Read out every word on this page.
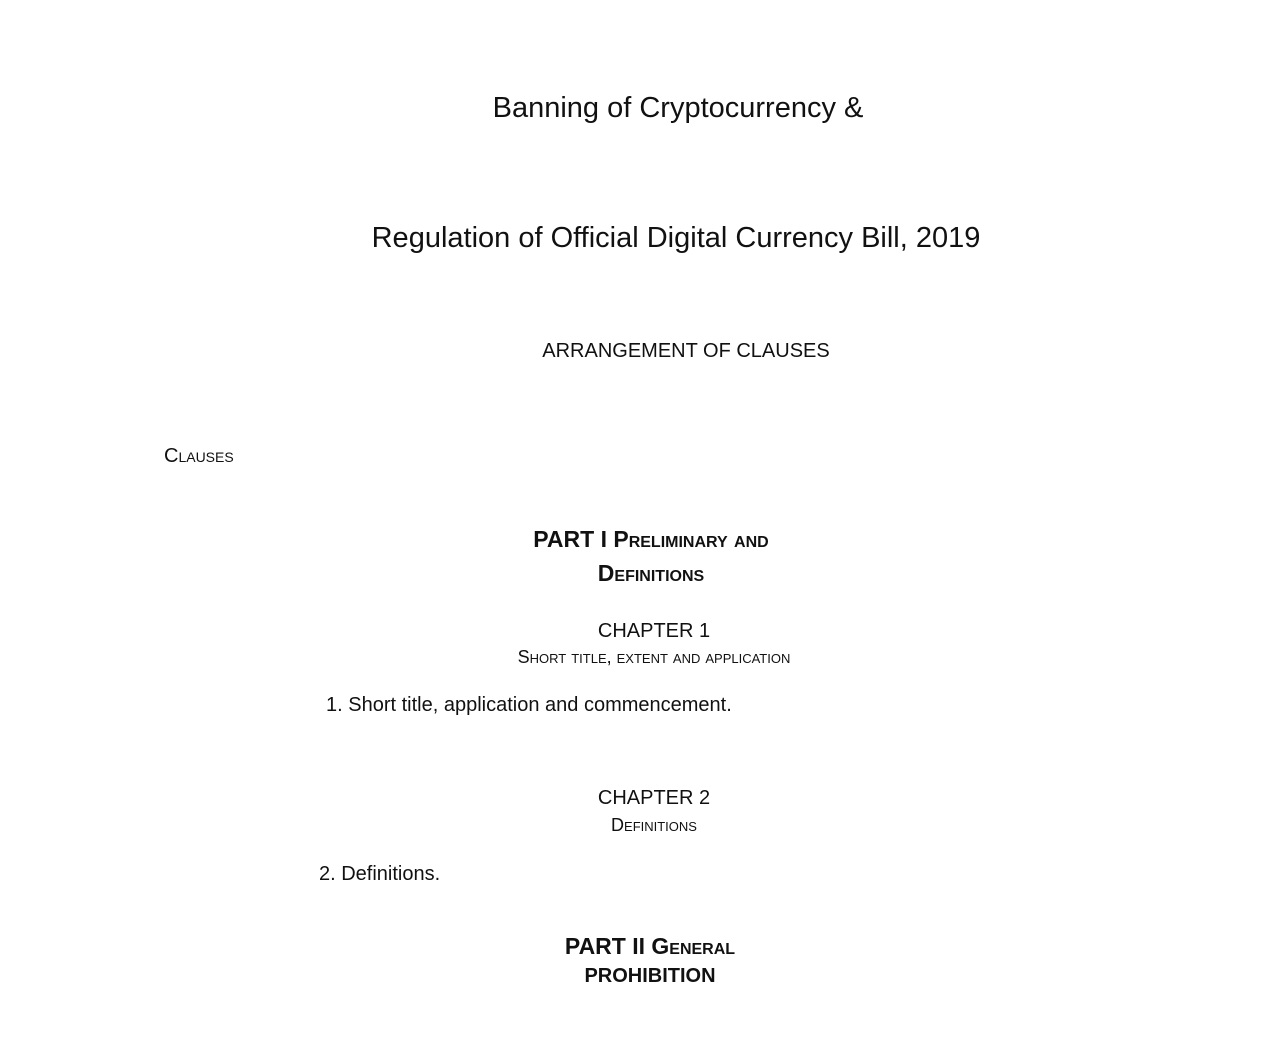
Banning of Cryptocurrency &
Regulation of Official Digital Currency Bill, 2019
ARRANGEMENT OF CLAUSES
Clauses
PART I Preliminary and
Definitions
CHAPTER 1
Short title, extent and application
1. Short title, application and commencement.
CHAPTER 2
Definitions
2. Definitions.
PART II General
PROHIBITION
